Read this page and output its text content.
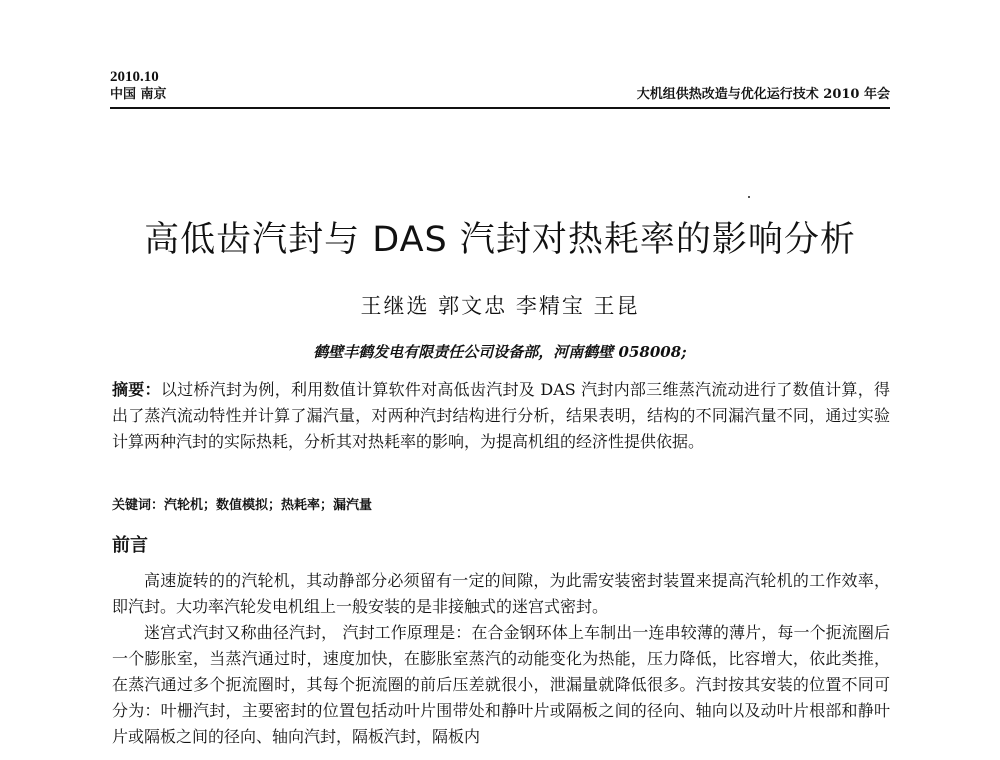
2010.10
中国 南京	大机组供热改造与优化运行技术 2010 年会
高低齿汽封与 DAS 汽封对热耗率的影响分析
王继选 郭文忠 李精宝 王昆
鹤壁丰鹤发电有限责任公司设备部，河南鹤壁 058008;
摘要：以过桥汽封为例，利用数值计算软件对高低齿汽封及 DAS 汽封内部三维蒸汽流动进行了数值计算，得出了蒸汽流动特性并计算了漏汽量，对两种汽封结构进行分析，结果表明，结构的不同漏汽量不同，通过实验计算两种汽封的实际热耗，分析其对热耗率的影响，为提高机组的经济性提供依据。
关键词：汽轮机；数值模拟；热耗率；漏汽量
前言

高速旋转的的汽轮机，其动静部分必须留有一定的间隙，为此需安装密封装置来提高汽轮机的工作效率，即汽封。大功率汽轮发电机组上一般安装的是非接触式的迷宫式密封。

迷宫式汽封又称曲径汽封， 汽封工作原理是：在合金钢环体上车制出一连串较薄的薄片，每一个扼流圈后一个膨胀室，当蒸汽通过时，速度加快，在膨胀室蒸汽的动能变化为热能，压力降低，比容增大，依此类推，在蒸汽通过多个扼流圈时，其每个扼流圈的前后压差就很小，泄漏量就降低很多。汽封按其安装的位置不同可分为：叶栅汽封，主要密封的位置包括动叶片围带处和静叶片或隔板之间的径向、轴向以及动叶片根部和静叶片或隔板之间的径向、轴向汽封，隔板汽封，隔板内
